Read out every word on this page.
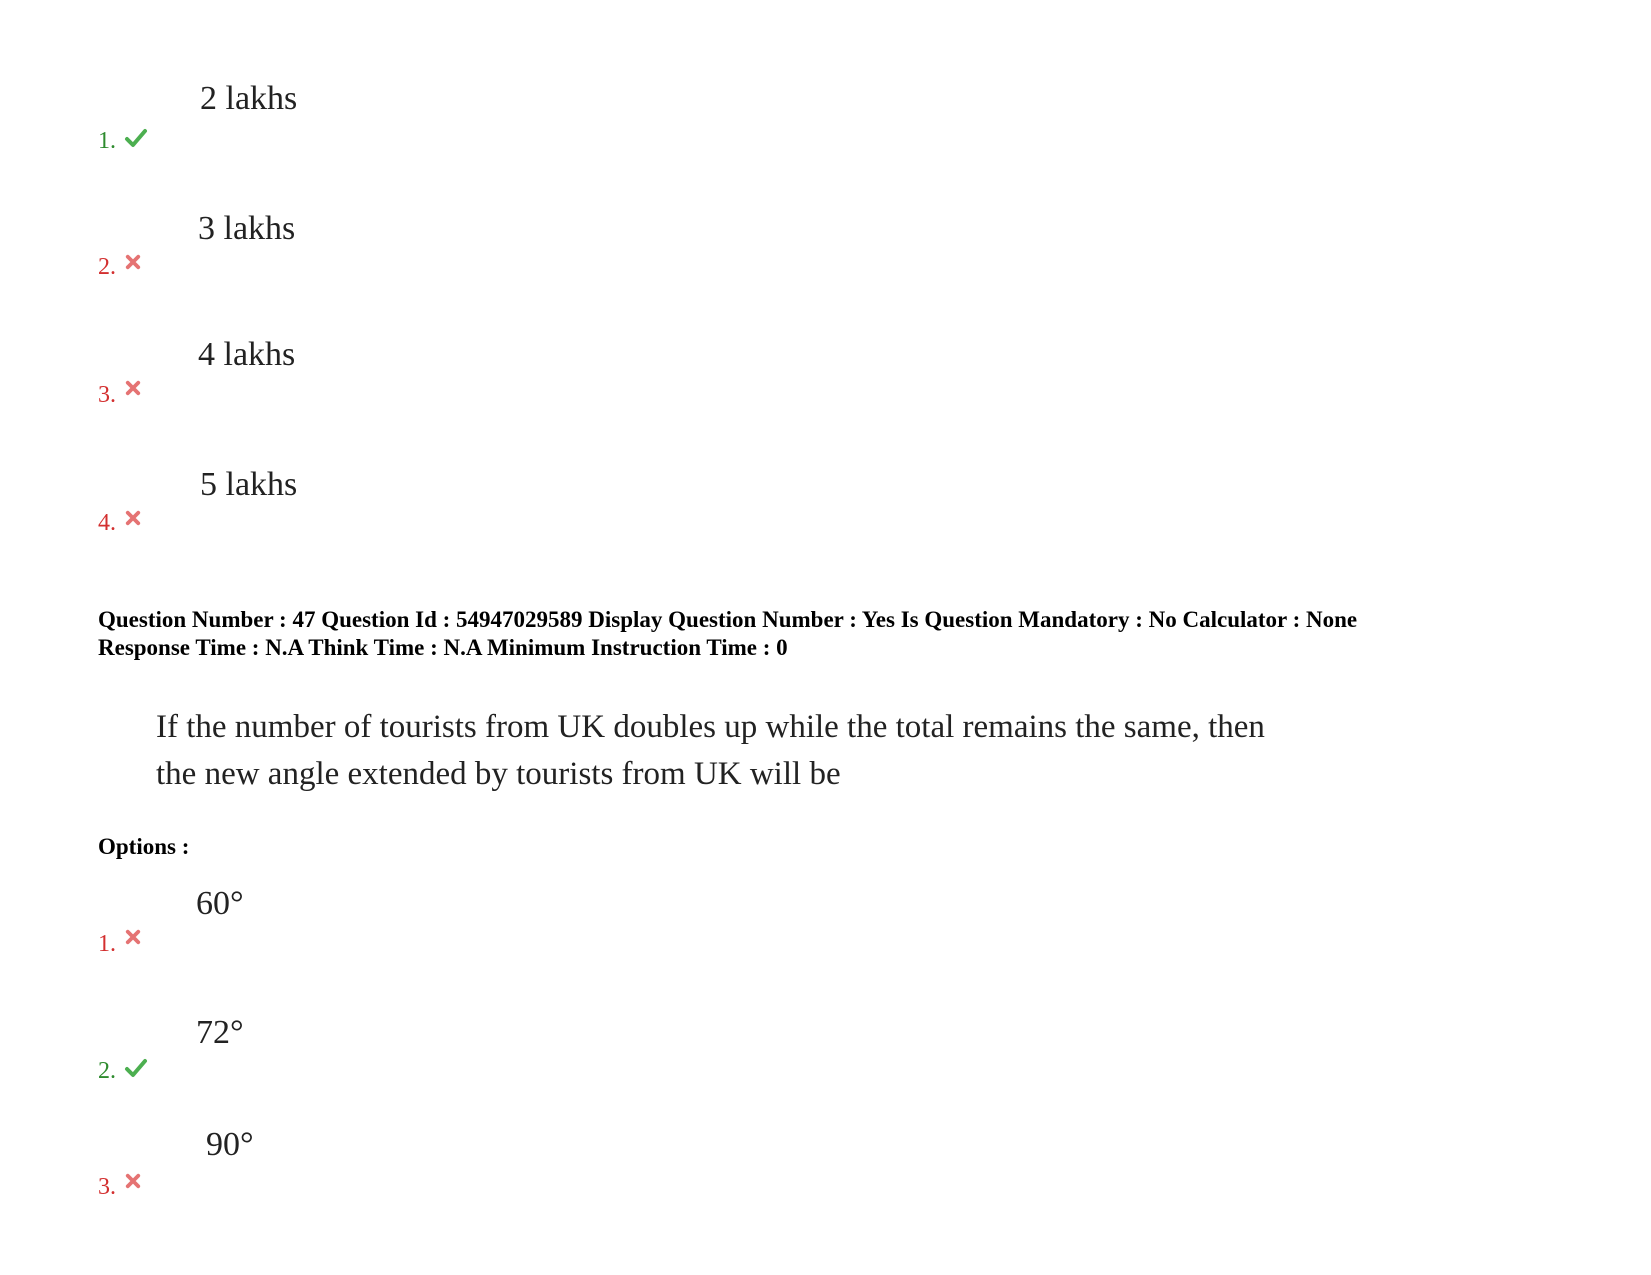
2 lakhs
1.
3 lakhs
2.
4 lakhs
3.
5 lakhs
4.
Question Number : 47 Question Id : 54947029589 Display Question Number : Yes Is Question Mandatory : No Calculator : None
Response Time : N.A Think Time : N.A Minimum Instruction Time : 0
If the number of tourists from UK doubles up while the total remains the same, then
the new angle extended by tourists from UK will be
Options :
60°
1.
72°
2.
90°
3.
